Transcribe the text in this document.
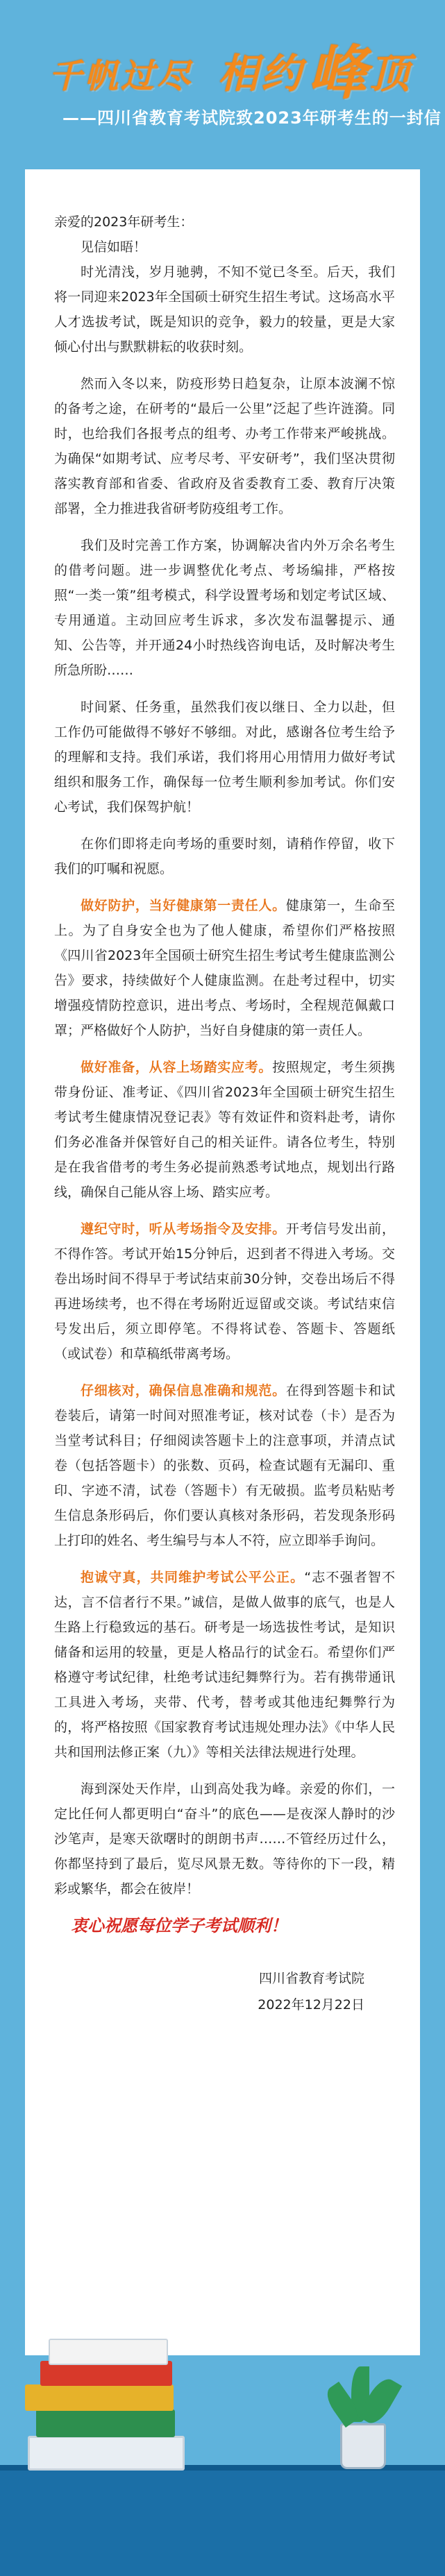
千帆过尽 相约峰顶
——四川省教育考试院致2023年研考生的一封信

亲爱的2023年研考生：

见信如晤！

时光清浅，岁月驰骋，不知不觉已冬至。后天，我们将一同迎来2023年全国硕士研究生招生考试。这场高水平人才选拔考试，既是知识的竞争，毅力的较量，更是大家倾心付出与默默耕耘的收获时刻。

然而入冬以来，防疫形势日趋复杂，让原本波澜不惊的备考之途，在研考的“最后一公里”泛起了些许涟漪。同时，也给我们各报考点的组考、办考工作带来严峻挑战。为确保“如期考试、应考尽考、平安研考”，我们坚决贯彻落实教育部和省委、省政府及省委教育工委、教育厅决策部署，全力推进我省研考防疫组考工作。

我们及时完善工作方案，协调解决省内外万余名考生的借考问题。进一步调整优化考点、考场编排，严格按照“一类一策”组考模式，科学设置考场和划定考试区域、专用通道。主动回应考生诉求，多次发布温馨提示、通知、公告等，并开通24小时热线咨询电话，及时解决考生所急所盼……

时间紧、任务重，虽然我们夜以继日、全力以赴，但工作仍可能做得不够好不够细。对此，感谢各位考生给予的理解和支持。我们承诺，我们将用心用情用力做好考试组织和服务工作，确保每一位考生顺利参加考试。你们安心考试，我们保驾护航！

在你们即将走向考场的重要时刻，请稍作停留，收下我们的叮嘱和祝愿。

做好防护，当好健康第一责任人。健康第一，生命至上。为了自身安全也为了他人健康，希望你们严格按照《四川省2023年全国硕士研究生招生考试考生健康监测公告》要求，持续做好个人健康监测。在赴考过程中，切实增强疫情防控意识，进出考点、考场时，全程规范佩戴口罩；严格做好个人防护，当好自身健康的第一责任人。

做好准备，从容上场踏实应考。按照规定，考生须携带身份证、准考证、《四川省2023年全国硕士研究生招生考试考生健康情况登记表》等有效证件和资料赴考，请你们务必准备并保管好自己的相关证件。请各位考生，特别是在我省借考的考生务必提前熟悉考试地点，规划出行路线，确保自己能从容上场、踏实应考。

遵纪守时，听从考场指令及安排。开考信号发出前，不得作答。考试开始15分钟后，迟到者不得进入考场。交卷出场时间不得早于考试结束前30分钟，交卷出场后不得再进场续考，也不得在考场附近逗留或交谈。考试结束信号发出后，须立即停笔。不得将试卷、答题卡、答题纸（或试卷）和草稿纸带离考场。

仔细核对，确保信息准确和规范。在得到答题卡和试卷装后，请第一时间对照准考证，核对试卷（卡）是否为当堂考试科目；仔细阅读答题卡上的注意事项，并清点试卷（包括答题卡）的张数、页码，检查试题有无漏印、重印、字迹不清，试卷（答题卡）有无破损。监考员粘贴考生信息条形码后，你们要认真核对条形码，若发现条形码上打印的姓名、考生编号与本人不符，应立即举手询问。

抱诚守真，共同维护考试公平公正。“志不强者智不达，言不信者行不果。”诚信，是做人做事的底气，也是人生路上行稳致远的基石。研考是一场选拔性考试，是知识储备和运用的较量，更是人格品行的试金石。希望你们严格遵守考试纪律，杜绝考试违纪舞弊行为。若有携带通讯工具进入考场，夹带、代考，替考或其他违纪舞弊行为的，将严格按照《国家教育考试违规处理办法》《中华人民共和国刑法修正案（九）》等相关法律法规进行处理。

海到深处天作岸，山到高处我为峰。亲爱的你们，一定比任何人都更明白“奋斗”的底色——是夜深人静时的沙沙笔声，是寒天欲曙时的朗朗书声……不管经历过什么，你都坚持到了最后，览尽风景无数。等待你的下一段，精彩或繁华，都会在彼岸！

衷心祝愿每位学子考试顺利！

四川省教育考试院
2022年12月22日
